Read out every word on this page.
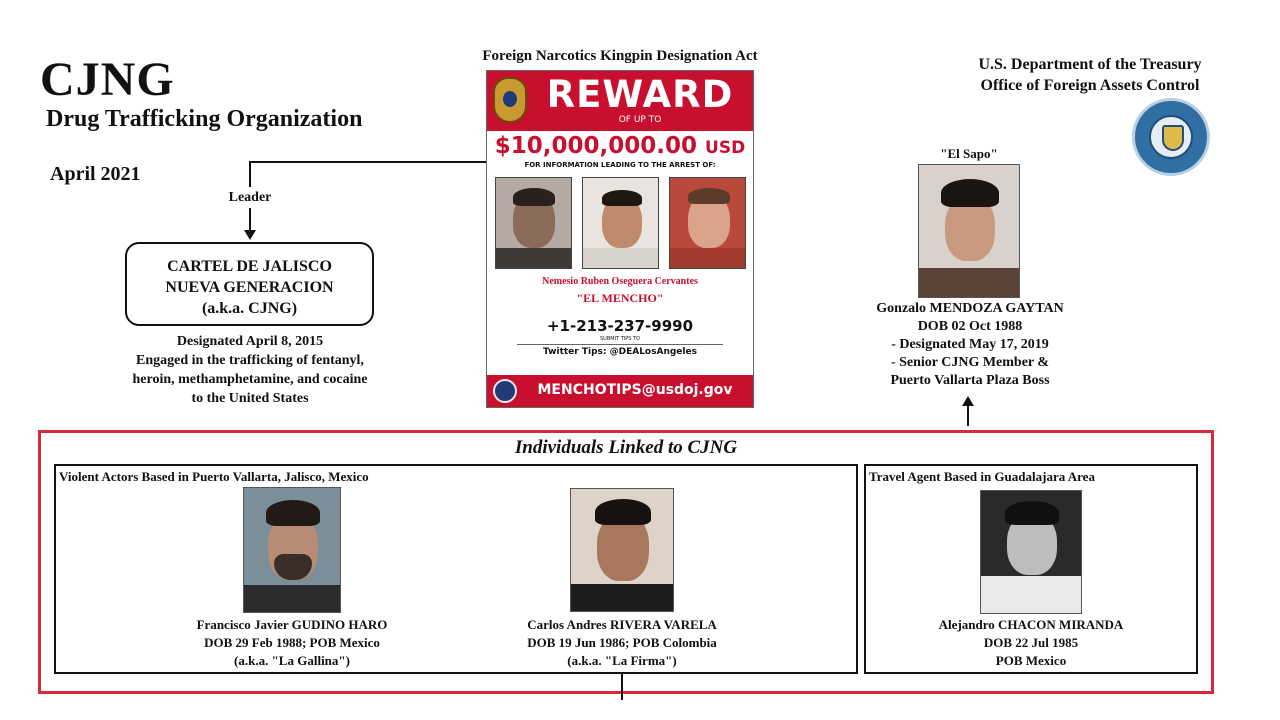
CJNG
Drug Trafficking Organization
April 2021
Foreign Narcotics Kingpin Designation Act	U.S. Department of the Treasury
Office of Foreign Assets Control
Leader
CARTEL DE JALISCO
NUEVA GENERACION
(a.k.a. CJNG)
Designated April 8, 2015
Engaged in the trafficking of fentanyl,
heroin, methamphetamine, and cocaine
to the United States
REWARD
OF UP TO
$10,000,000.00 USD
FOR INFORMATION LEADING TO THE ARREST OF:
Nemesio Ruben Oseguera Cervantes
"EL MENCHO"
+1-213-237-9990
SUBMIT TIPS TO
Twitter Tips: @DEALosAngeles
MENCHOTIPS@usdoj.gov
"El Sapo"
Gonzalo MENDOZA GAYTAN
DOB 02 Oct 1988
- Designated May 17, 2019
- Senior CJNG Member &
Puerto Vallarta Plaza Boss
Individuals Linked to CJNG
Violent Actors Based in Puerto Vallarta, Jalisco, Mexico	Travel Agent Based in Guadalajara Area
Francisco Javier GUDINO HARO
DOB 29 Feb 1988; POB Mexico
(a.k.a. "La Gallina")
Carlos Andres RIVERA VARELA
DOB 19 Jun 1986; POB Colombia
(a.k.a. "La Firma")
Alejandro CHACON MIRANDA
DOB 22 Jul 1985
POB Mexico
